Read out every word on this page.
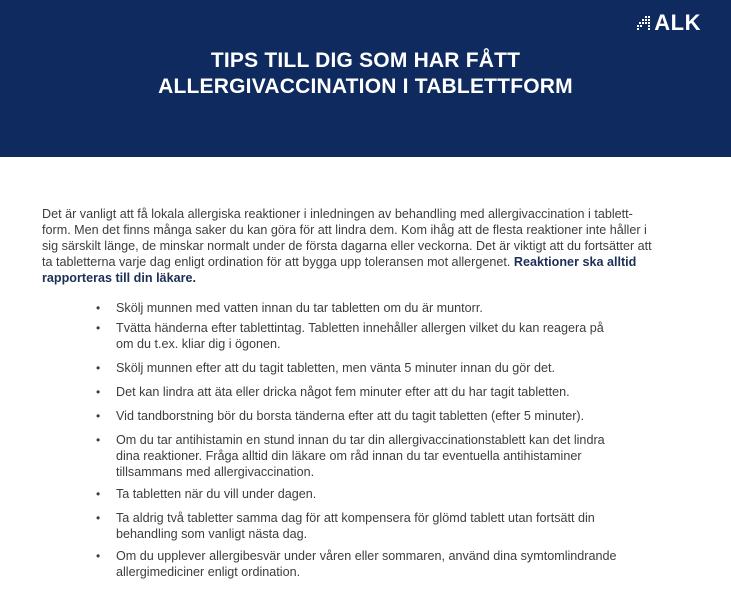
ALK
TIPS TILL DIG SOM HAR FÅTT
ALLERGIVACCINATION I TABLETTFORM
Det är vanligt att få lokala allergiska reaktioner i inledningen av behandling med allergivaccination i tablett-
form. Men det finns många saker du kan göra för att lindra dem. Kom ihåg att de flesta reaktioner inte håller i
sig särskilt länge, de minskar normalt under de första dagarna eller veckorna. Det är viktigt att du fortsätter att
ta tabletterna varje dag enligt ordination för att bygga upp toleransen mot allergenet. Reaktioner ska alltid
rapporteras till din läkare.
• Skölj munnen med vatten innan du tar tabletten om du är muntorr.
• Tvätta händerna efter tablettintag. Tabletten innehåller allergen vilket du kan reagera på
om du t.ex. kliar dig i ögonen.
• Skölj munnen efter att du tagit tabletten, men vänta 5 minuter innan du gör det.
• Det kan lindra att äta eller dricka något fem minuter efter att du har tagit tabletten.
• Vid tandborstning bör du borsta tänderna efter att du tagit tabletten (efter 5 minuter).
• Om du tar antihistamin en stund innan du tar din allergivaccinationstablett kan det lindra
dina reaktioner. Fråga alltid din läkare om råd innan du tar eventuella antihistaminer
tillsammans med allergivaccination.
• Ta tabletten när du vill under dagen.
• Ta aldrig två tabletter samma dag för att kompensera för glömd tablett utan fortsätt din
behandling som vanligt nästa dag.
• Om du upplever allergibesvär under våren eller sommaren, använd dina symtomlindrande
allergimediciner enligt ordination.
